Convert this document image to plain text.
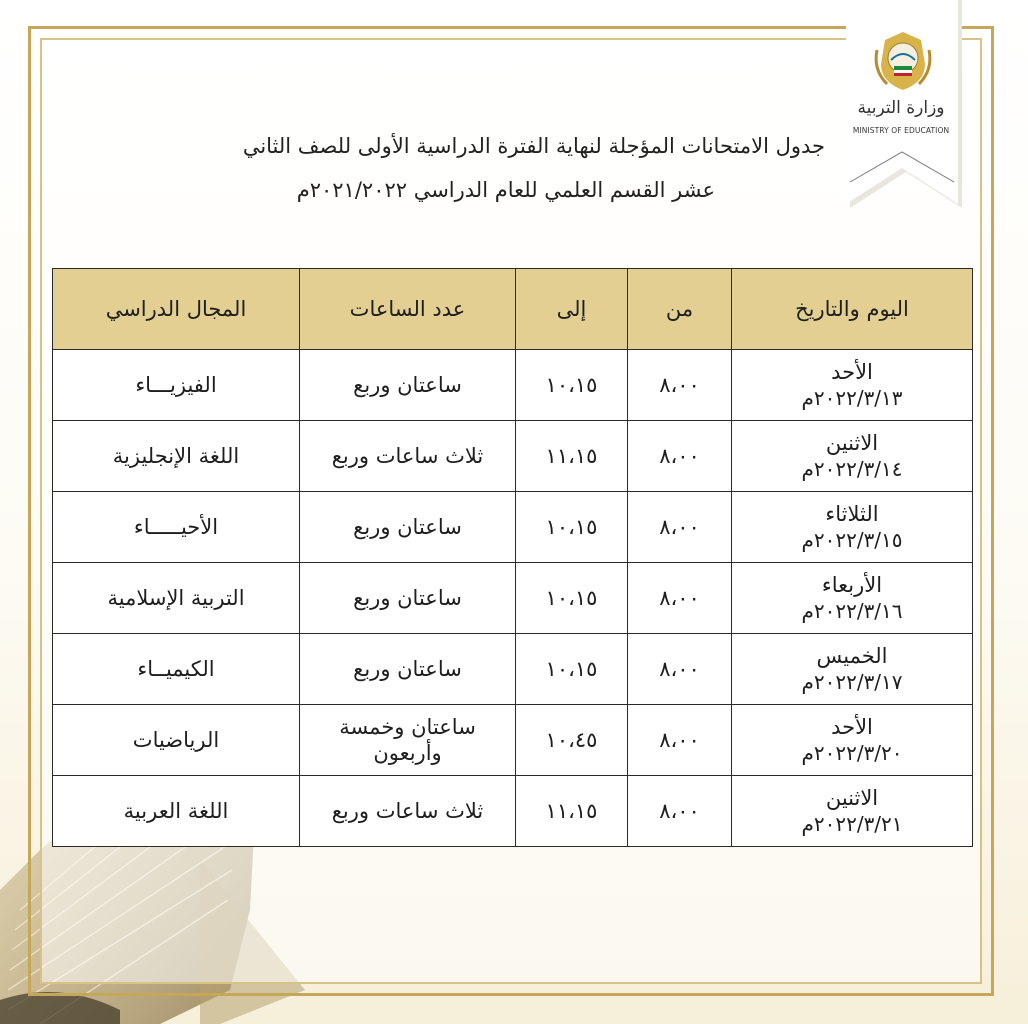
وزارة التربية
MINISTRY OF EDUCATION
جدول الامتحانات المؤجلة لنهاية الفترة الدراسية الأولى للصف الثاني
عشر القسم العلمي للعام الدراسي ٢٠٢١/٢٠٢٢م
اليوم والتاريخ	من	إلى	عدد الساعات	المجال الدراسي

الأحد
٢٠٢٢/٣/١٣م	٨،٠٠	١٠،١٥	ساعتان وربع	الفيزيـــاء

الاثنين
٢٠٢٢/٣/١٤م	٨،٠٠	١١،١٥	ثلاث ساعات وربع	اللغة الإنجليزية

الثلاثاء
٢٠٢٢/٣/١٥م	٨،٠٠	١٠،١٥	ساعتان وربع	الأحيـــــاء

الأربعاء
٢٠٢٢/٣/١٦م	٨،٠٠	١٠،١٥	ساعتان وربع	التربية الإسلامية

الخميس
٢٠٢٢/٣/١٧م	٨،٠٠	١٠،١٥	ساعتان وربع	الكيميــاء

الأحد
٢٠٢٢/٣/٢٠م	٨،٠٠	١٠،٤٥	ساعتان وخمسة وأربعون	الرياضيات

الاثنين
٢٠٢٢/٣/٢١م	٨،٠٠	١١،١٥	ثلاث ساعات وربع	اللغة العربية
